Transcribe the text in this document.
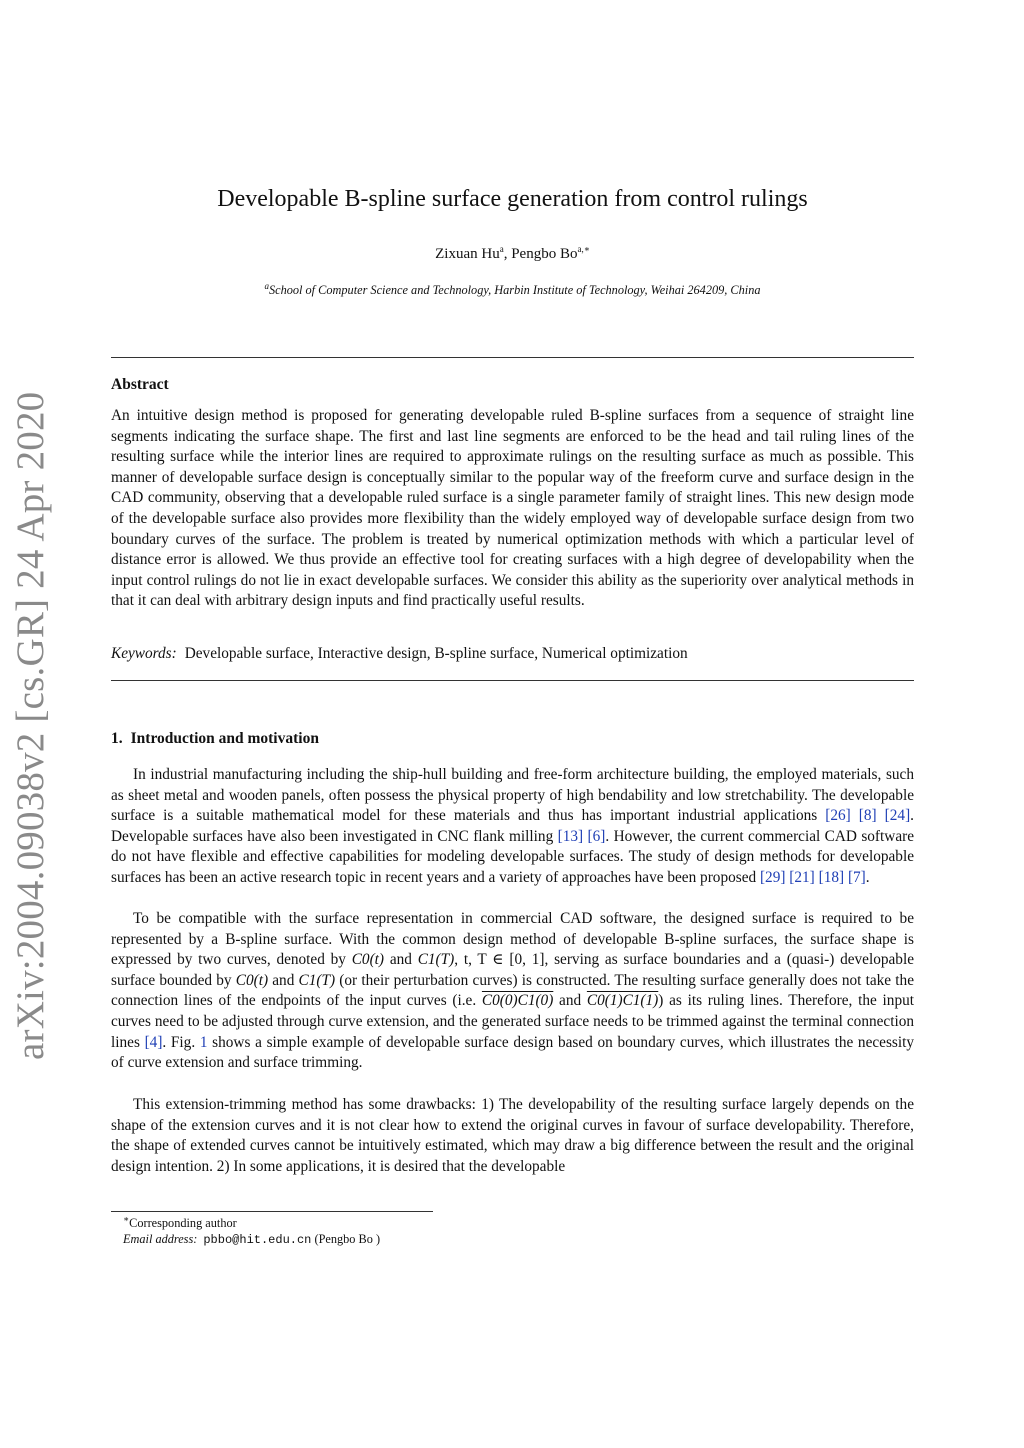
arXiv:2004.09038v2 [cs.GR] 24 Apr 2020
Developable B-spline surface generation from control rulings
Zixuan Hu$^a$, Pengbo $Bo^{a,∗}$
$^a$School of Computer Science and Technology, Harbin Institute of Technology, Weihai 264209, China
Abstract

An intuitive design method is proposed for generating developable ruled B-spline surfaces from a sequence of straight line segments indicating the surface shape. The first and last line segments are enforced to be the head and tail ruling lines of the resulting surface while the interior lines are required to approximate rulings on the resulting surface as much as possible. This manner of developable surface design is conceptually similar to the popular way of the freeform curve and surface design in the CAD community, observing that a developable ruled surface is a single parameter family of straight lines. This new design mode of the developable surface also provides more flexibility than the widely employed way of developable surface design from two boundary curves of the surface. The problem is treated by numerical optimization methods with which a particular level of distance error is allowed. We thus provide an effective tool for creating surfaces with a high degree of developability when the input control rulings do not lie in exact developable surfaces. We consider this ability as the superiority over analytical methods in that it can deal with arbitrary design inputs and find practically useful results.

Keywords: Developable surface, Interactive design, B-spline surface, Numerical optimization
1. Introduction and motivation

In industrial manufacturing including the ship-hull building and free-form architecture building, the employed materials, such as sheet metal and wooden panels, often possess the physical property of high bendability and low stretchability. The developable surface is a suitable mathematical model for these materials and thus has important industrial applications [26] [8] [24]. Developable surfaces have also been investigated in CNC flank milling [13] [6]. However, the current commercial CAD software do not have flexible and effective capabilities for modeling developable surfaces. The study of design methods for developable surfaces has been an active research topic in recent years and a variety of approaches have been proposed [29] [21] [18] [7].

To be compatible with the surface representation in commercial CAD software, the designed surface is required to be represented by a B-spline surface. With the common design method of developable B-spline surfaces, the surface shape is expressed by two curves, denoted by C0(t) and C1(T), t, T ∈ [0, 1], serving as surface boundaries and a (quasi-) developable surface bounded by C0(t) and C1(T) (or their perturbation curves) is constructed. The resulting surface generally does not take the connection lines of the endpoints of the input curves (i.e. C0(0)C1(0) and C0(1)C1(1)) as its ruling lines. Therefore, the input curves need to be adjusted through curve extension, and the generated surface needs to be trimmed against the terminal connection lines [4]. Fig. 1 shows a simple example of developable surface design based on boundary curves, which illustrates the necessity of curve extension and surface trimming.

This extension-trimming method has some drawbacks: 1) The developability of the resulting surface largely depends on the shape of the extension curves and it is not clear how to extend the original curves in favour of surface developability. Therefore, the shape of extended curves cannot be intuitively estimated, which may draw a big difference between the result and the original design intention. 2) In some applications, it is desired that the developable

∗Corresponding author
Email address: pbbo@hit.edu.cn (Pengbo Bo )
